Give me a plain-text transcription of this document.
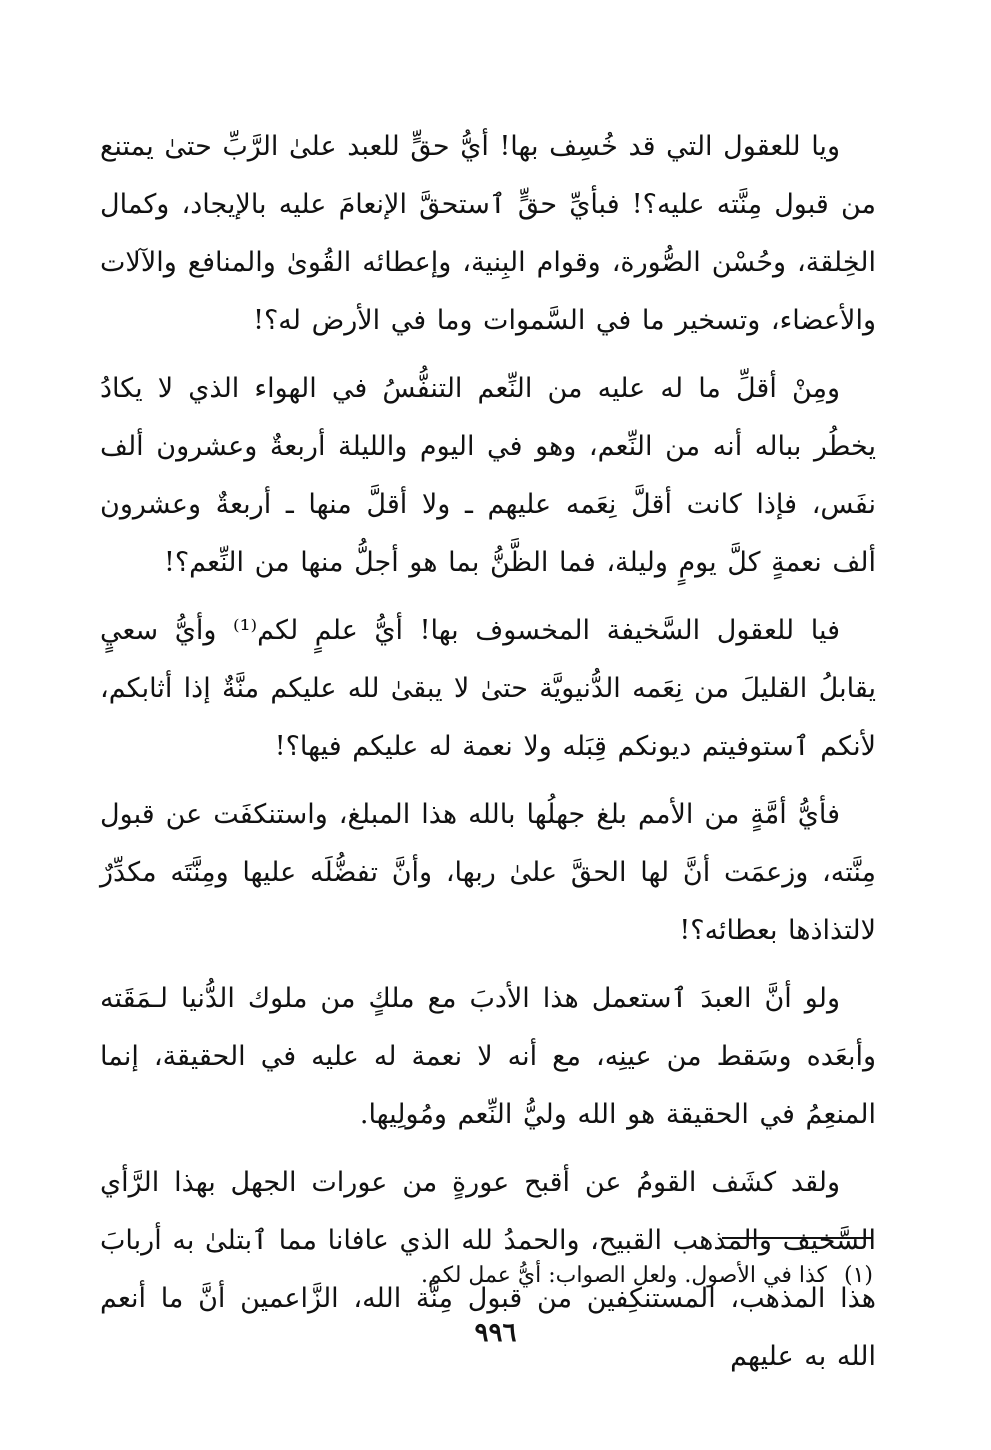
ويا للعقول التي قد خُسِف بها! أيُّ حقٍّ للعبد علىٰ الرَّبِّ حتىٰ يمتنع من قبول مِنَّته عليه؟! فبأيِّ حقٍّ ٱستحقَّ الإنعامَ عليه بالإيجاد، وكمال الخِلقة، وحُسْن الصُّورة، وقوام البِنية، وإعطائه القُوىٰ والمنافع والآلات والأعضاء، وتسخير ما في السَّموات وما في الأرض له؟!

ومِنْ أقلِّ ما له عليه من النِّعم التنفُّسُ في الهواء الذي لا يكادُ يخطُر بباله أنه من النِّعم، وهو في اليوم والليلة أربعةٌ وعشرون ألف نفَس، فإذا كانت أقلَّ نِعَمه عليهم ـ ولا أقلَّ منها ـ أربعةٌ وعشرون ألف نعمةٍ كلَّ يومٍ وليلة، فما الظَّنُّ بما هو أجلُّ منها من النِّعم؟!

فيا للعقول السَّخيفة المخسوف بها! أيُّ علمٍ لكم⁽¹⁾ وأيُّ سعيٍ يقابلُ القليلَ من نِعَمه الدُّنيويَّة حتىٰ لا يبقىٰ لله عليكم منَّةٌ إذا أثابكم، لأنكم ٱستوفيتم ديونكم قِبَله ولا نعمة له عليكم فيها؟!

فأيُّ أمَّةٍ من الأمم بلغ جهلُها بالله هذا المبلغ، واستنكفَت عن قبول مِنَّته، وزعمَت أنَّ لها الحقَّ علىٰ ربها، وأنَّ تفضُّلَه عليها ومِنَّتَه مكدِّرٌ لالتذاذها بعطائه؟!

ولو أنَّ العبدَ ٱستعمل هذا الأدبَ مع ملكٍ من ملوك الدُّنيا لـمَقَته وأبعَده وسَقط من عينِه، مع أنه لا نعمة له عليه في الحقيقة، إنما المنعِمُ في الحقيقة هو الله وليُّ النِّعم ومُولِيها.

ولقد كشَف القومُ عن أقبح عورةٍ من عورات الجهل بهذا الرَّأي السَّخيف والمذهب القبيح، والحمدُ لله الذي عافانا مما ٱبتلىٰ به أربابَ هذا المذهب، المستنكِفين من قبول مِنَّة الله، الزَّاعمين أنَّ ما أنعم الله به عليهم

(١) كذا في الأصول. ولعل الصواب: أيُّ عمل لكم.
٩٩٦
